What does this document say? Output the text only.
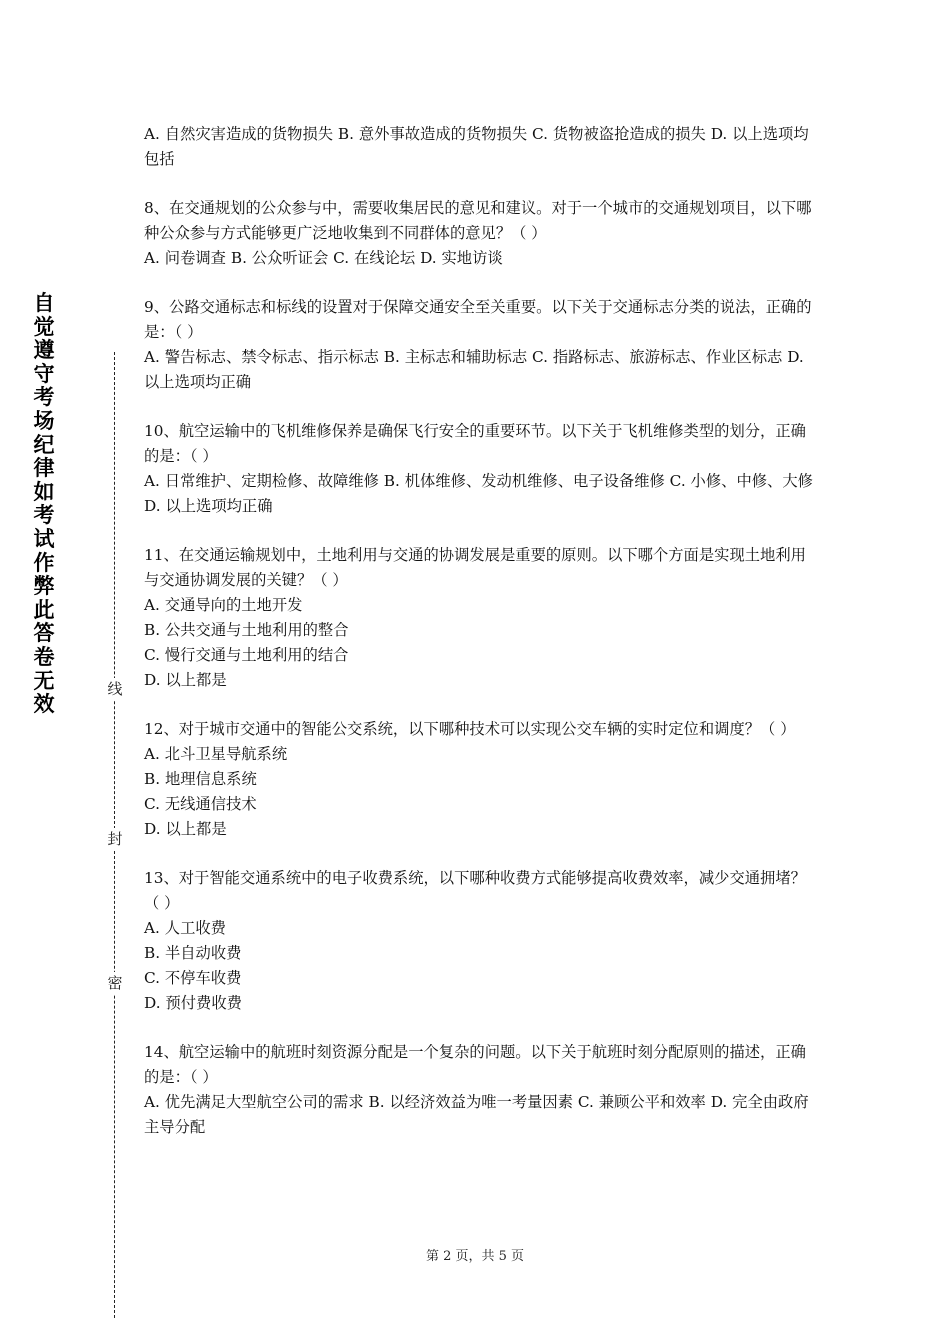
自觉遵守考场纪律如考试作弊此答卷无效
线
封
密
A. 自然灾害造成的货物损失 B. 意外事故造成的货物损失 C. 货物被盗抢造成的损失 D. 以上选项均包括
8、在交通规划的公众参与中，需要收集居民的意见和建议。对于一个城市的交通规划项目，以下哪种公众参与方式能够更广泛地收集到不同群体的意见？（ ）
A. 问卷调查 B. 公众听证会 C. 在线论坛 D. 实地访谈
9、公路交通标志和标线的设置对于保障交通安全至关重要。以下关于交通标志分类的说法，正确的是：（ ）
A. 警告标志、禁令标志、指示标志 B. 主标志和辅助标志 C. 指路标志、旅游标志、作业区标志 D. 以上选项均正确
10、航空运输中的飞机维修保养是确保飞行安全的重要环节。以下关于飞机维修类型的划分，正确的是：（ ）
A. 日常维护、定期检修、故障维修 B. 机体维修、发动机维修、电子设备维修 C. 小修、中修、大修 D. 以上选项均正确
11、在交通运输规划中，土地利用与交通的协调发展是重要的原则。以下哪个方面是实现土地利用与交通协调发展的关键？（ ）
A. 交通导向的土地开发
B. 公共交通与土地利用的整合
C. 慢行交通与土地利用的结合
D. 以上都是
12、对于城市交通中的智能公交系统，以下哪种技术可以实现公交车辆的实时定位和调度？（ ）
A. 北斗卫星导航系统
B. 地理信息系统
C. 无线通信技术
D. 以上都是
13、对于智能交通系统中的电子收费系统，以下哪种收费方式能够提高收费效率，减少交通拥堵？（ ）
A. 人工收费
B. 半自动收费
C. 不停车收费
D. 预付费收费
14、航空运输中的航班时刻资源分配是一个复杂的问题。以下关于航班时刻分配原则的描述，正确的是：（ ）
A. 优先满足大型航空公司的需求 B. 以经济效益为唯一考量因素 C. 兼顾公平和效率 D. 完全由政府主导分配
第 2 页，共 5 页
